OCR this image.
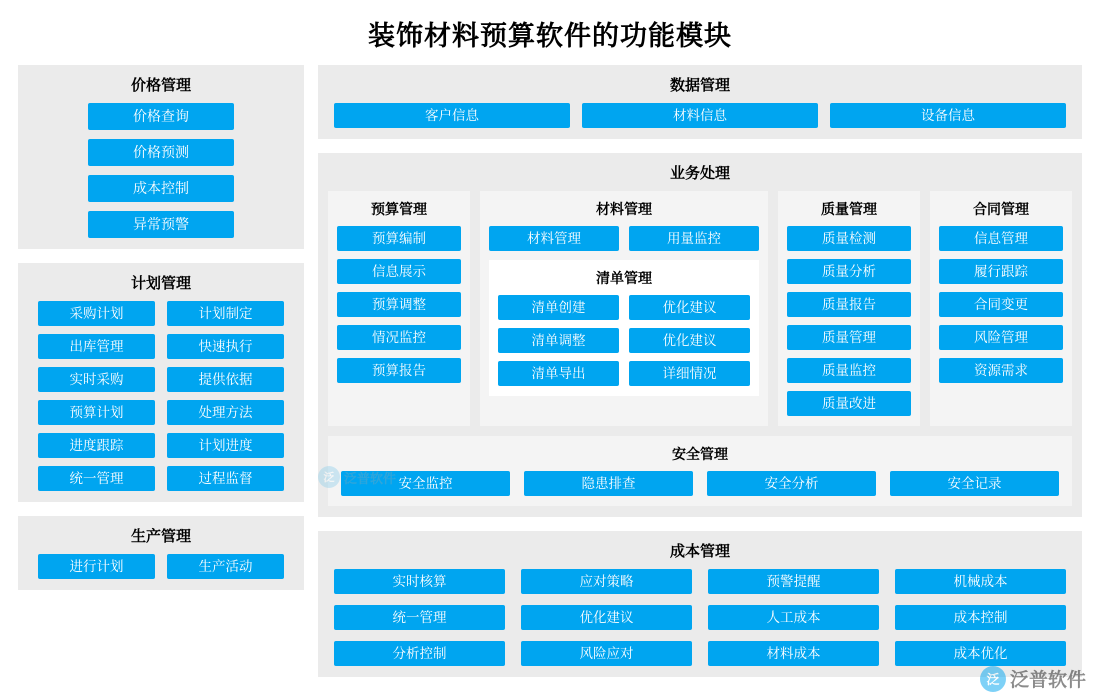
装饰材料预算软件的功能模块
价格管理
价格查询
价格预测
成本控制
异常预警
计划管理
采购计划	计划制定
出库管理	快速执行
实时采购	提供依据
预算计划	处理方法
进度跟踪	计划进度
统一管理	过程监督
生产管理
进行计划	生产活动
数据管理
客户信息	材料信息	设备信息
业务处理
预算管理
预算编制
信息展示
预算调整
情况监控
预算报告
材料管理
材料管理	用量监控
清单管理
清单创建	优化建议
清单调整	优化建议
清单导出	详细情况
质量管理
质量检测
质量分析
质量报告
质量管理
质量监控
质量改进
合同管理
信息管理
履行跟踪
合同变更
风险管理
资源需求
安全管理
安全监控	隐患排查	安全分析	安全记录
成本管理
实时核算	应对策略	预警提醒	机械成本
统一管理	优化建议	人工成本	成本控制
分析控制	风险应对	材料成本	成本优化
泛 泛普软件
泛 泛普软件
